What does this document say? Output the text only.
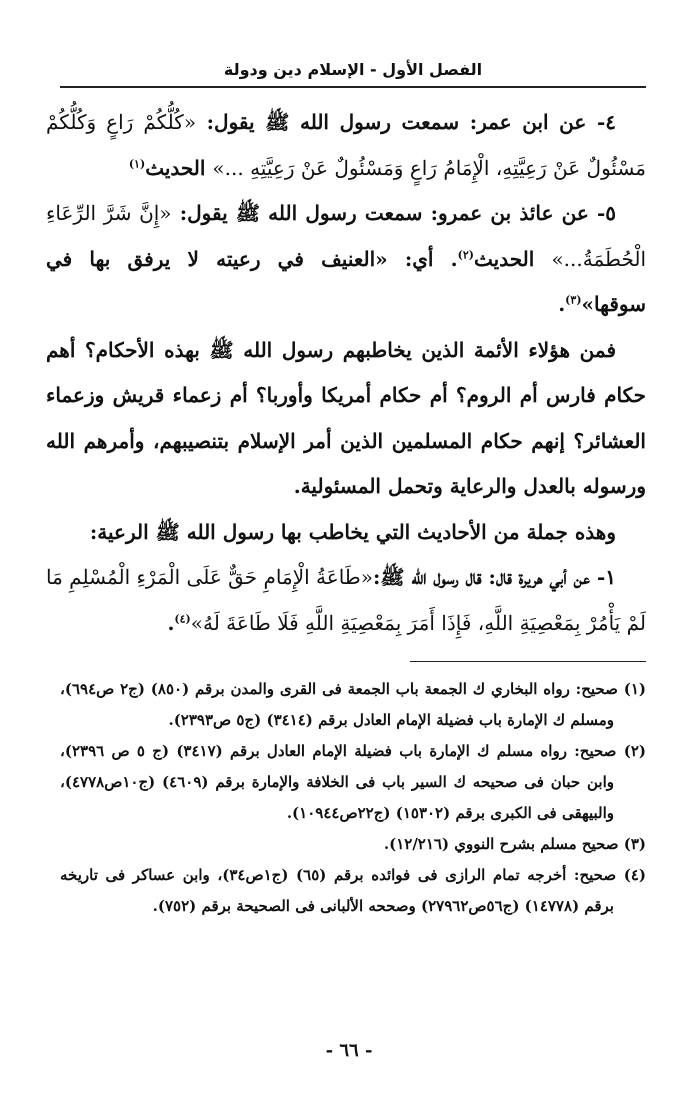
الفصل الأول - الإسلام دين ودولة

٤- عن ابن عمر: سمعت رسول الله ﷺ يقول: «كُلُّكُمْ رَاعٍ وَكُلُّكُمْ مَسْئُولٌ عَنْ رَعِيَّتِهِ، الْإِمَامُ رَاعٍ وَمَسْئُولٌ عَنْ رَعِيَّتِهِ ...» الحديث$^{(١)}$

٥- عن عائذ بن عمرو: سمعت رسول الله ﷺ يقول: «إِنَّ شَرَّ الرِّعَاءِ الْحُطَمَةُ...» الحديث$^{(٢)}$. أي: «العنيف في رعيته لا يرفق بها في سوقها»$^{(٣)}$.

فمن هؤلاء الأئمة الذين يخاطبهم رسول الله ﷺ بهذه الأحكام؟ أهم حكام فارس أم الروم؟ أم حكام أمريكا وأوربا؟ أم زعماء قريش وزعماء العشائر؟ إنهم حكام المسلمين الذين أمر الإسلام بتنصيبهم، وأمرهم الله ورسوله بالعدل والرعاية وتحمل المسئولية.

وهذه جملة من الأحاديث التي يخاطب بها رسول الله ﷺ الرعية:

١- عن أبي هريرة قال: قال رسول الله ﷺ:«طَاعَةُ الْإِمَامِ حَقٌّ عَلَى الْمَرْءِ الْمُسْلِمِ مَا لَمْ يَأْمُرْ بِمَعْصِيَةِ اللَّهِ، فَإِذَا أَمَرَ بِمَعْصِيَةِ اللَّهِ فَلَا طَاعَةَ لَهُ»$^{(٤)}$.

(١) صحيح: رواه البخاري ك الجمعة باب الجمعة فى القرى والمدن برقم (٨٥٠) (ج٢ ص٦٩٤)، ومسلم ك الإمارة باب فضيلة الإمام العادل برقم (٣٤١٤) (ج٥ ص٢٣٩٣).

(٢) صحيح: رواه مسلم ك الإمارة باب فضيلة الإمام العادل برقم (٣٤١٧) (ج ٥ ص ٢٣٩٦)، وابن حبان فى صحيحه ك السير باب فى الخلافة والإمارة برقم (٤٦٠٩) (ج١٠ص٤٧٧٨)، والبيهقى فى الكبرى برقم (١٥٣٠٢) (ج٢٢ص١٠٩٤٤).

(٣) صحيح مسلم بشرح النووي (١٢/٢١٦).

(٤) صحيح: أخرجه تمام الرازى فى فوائده برقم (٦٥) (ج١ص٣٤)، وابن عساكر فى تاريخه برقم (١٤٧٧٨) (ج٥٦ص٢٧٩٦٢) وصححه الألبانى فى الصحيحة برقم (٧٥٢).

- ٦٦ -
